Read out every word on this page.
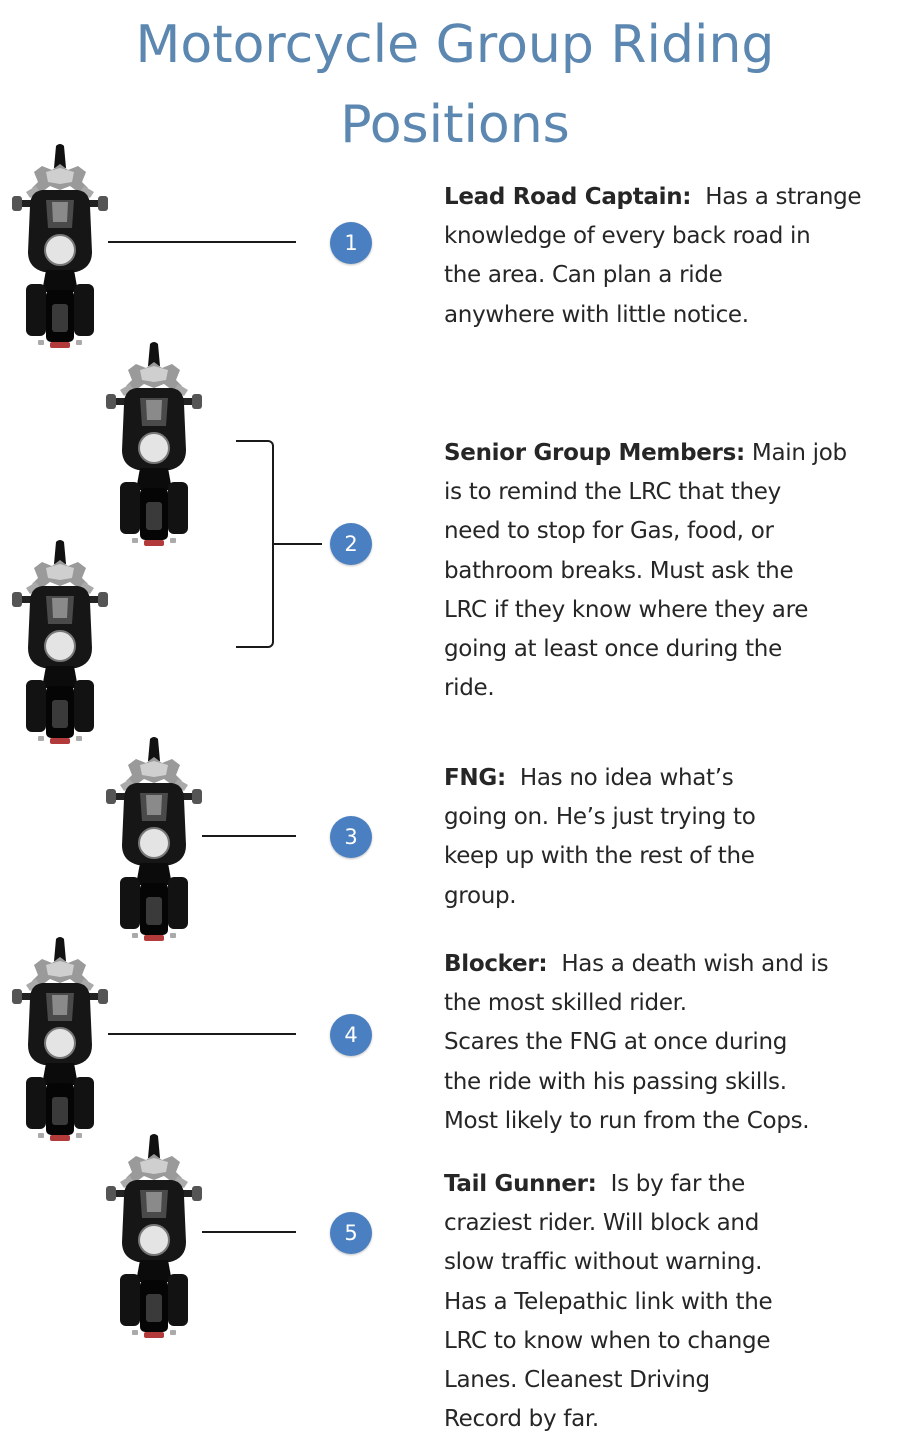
Motorcycle Group Riding
Positions
1
Lead Road Captain: Has a strange
knowledge of every back road in
the area. Can plan a ride
anywhere with little notice.
2
Senior Group Members: Main job
is to remind the LRC that they
need to stop for Gas, food, or
bathroom breaks. Must ask the
LRC if they know where they are
going at least once during the
ride.
3
FNG: Has no idea what’s
going on. He’s just trying to
keep up with the rest of the
group.
4
Blocker: Has a death wish and is
the most skilled rider.
Scares the FNG at once during
the ride with his passing skills.
Most likely to run from the Cops.
5
Tail Gunner: Is by far the
craziest rider. Will block and
slow traffic without warning.
Has a Telepathic link with the
LRC to know when to change
Lanes. Cleanest Driving
Record by far.
